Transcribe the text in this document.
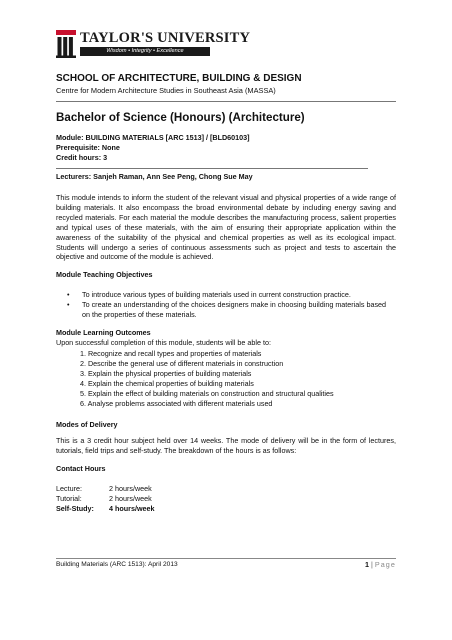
TAYLOR'S UNIVERSITY
Wisdom • Integrity • Excellence
SCHOOL OF ARCHITECTURE, BUILDING & DESIGN
Centre for Modern Architecture Studies in Southeast Asia (MASSA)
Bachelor of Science (Honours) (Architecture)
Module: BUILDING MATERIALS [ARC 1513] / [BLD60103]
Prerequisite: None
Credit hours: 3
Lecturers: Sanjeh Raman, Ann See Peng, Chong Sue May

This module intends to inform the student of the relevant visual and physical properties of a wide range of building materials. It also encompass the broad environmental debate by including energy saving and recycled materials. For each material the module describes the manufacturing process, salient properties and typical uses of these materials, with the aim of ensuring their appropriate application within the awareness of the suitability of the physical and chemical properties as well as its ecological impact. Students will undergo a series of continuous assessments such as project and tests to ascertain the objective and outcome of the module is achieved.

Module Teaching Objectives
• To introduce various types of building materials used in current construction practice.
• To create an understanding of the choices designers make in choosing building materials based on the properties of these materials.
Module Learning Outcomes
Upon successful completion of this module, students will be able to:
1. Recognize and recall types and properties of materials
2. Describe the general use of different materials in construction
3. Explain the physical properties of building materials
4. Explain the chemical properties of building materials
5. Explain the effect of building materials on construction and structural qualities
6. Analyse problems associated with different materials used
Modes of Delivery

This is a 3 credit hour subject held over 14 weeks. The mode of delivery will be in the form of lectures, tutorials, field trips and self-study. The breakdown of the hours is as follows:

Contact Hours
Lecture:	2 hours/week
Tutorial:	2 hours/week
Self-Study:	4 hours/week
Building Materials (ARC 1513): April 2013	1 | Page
